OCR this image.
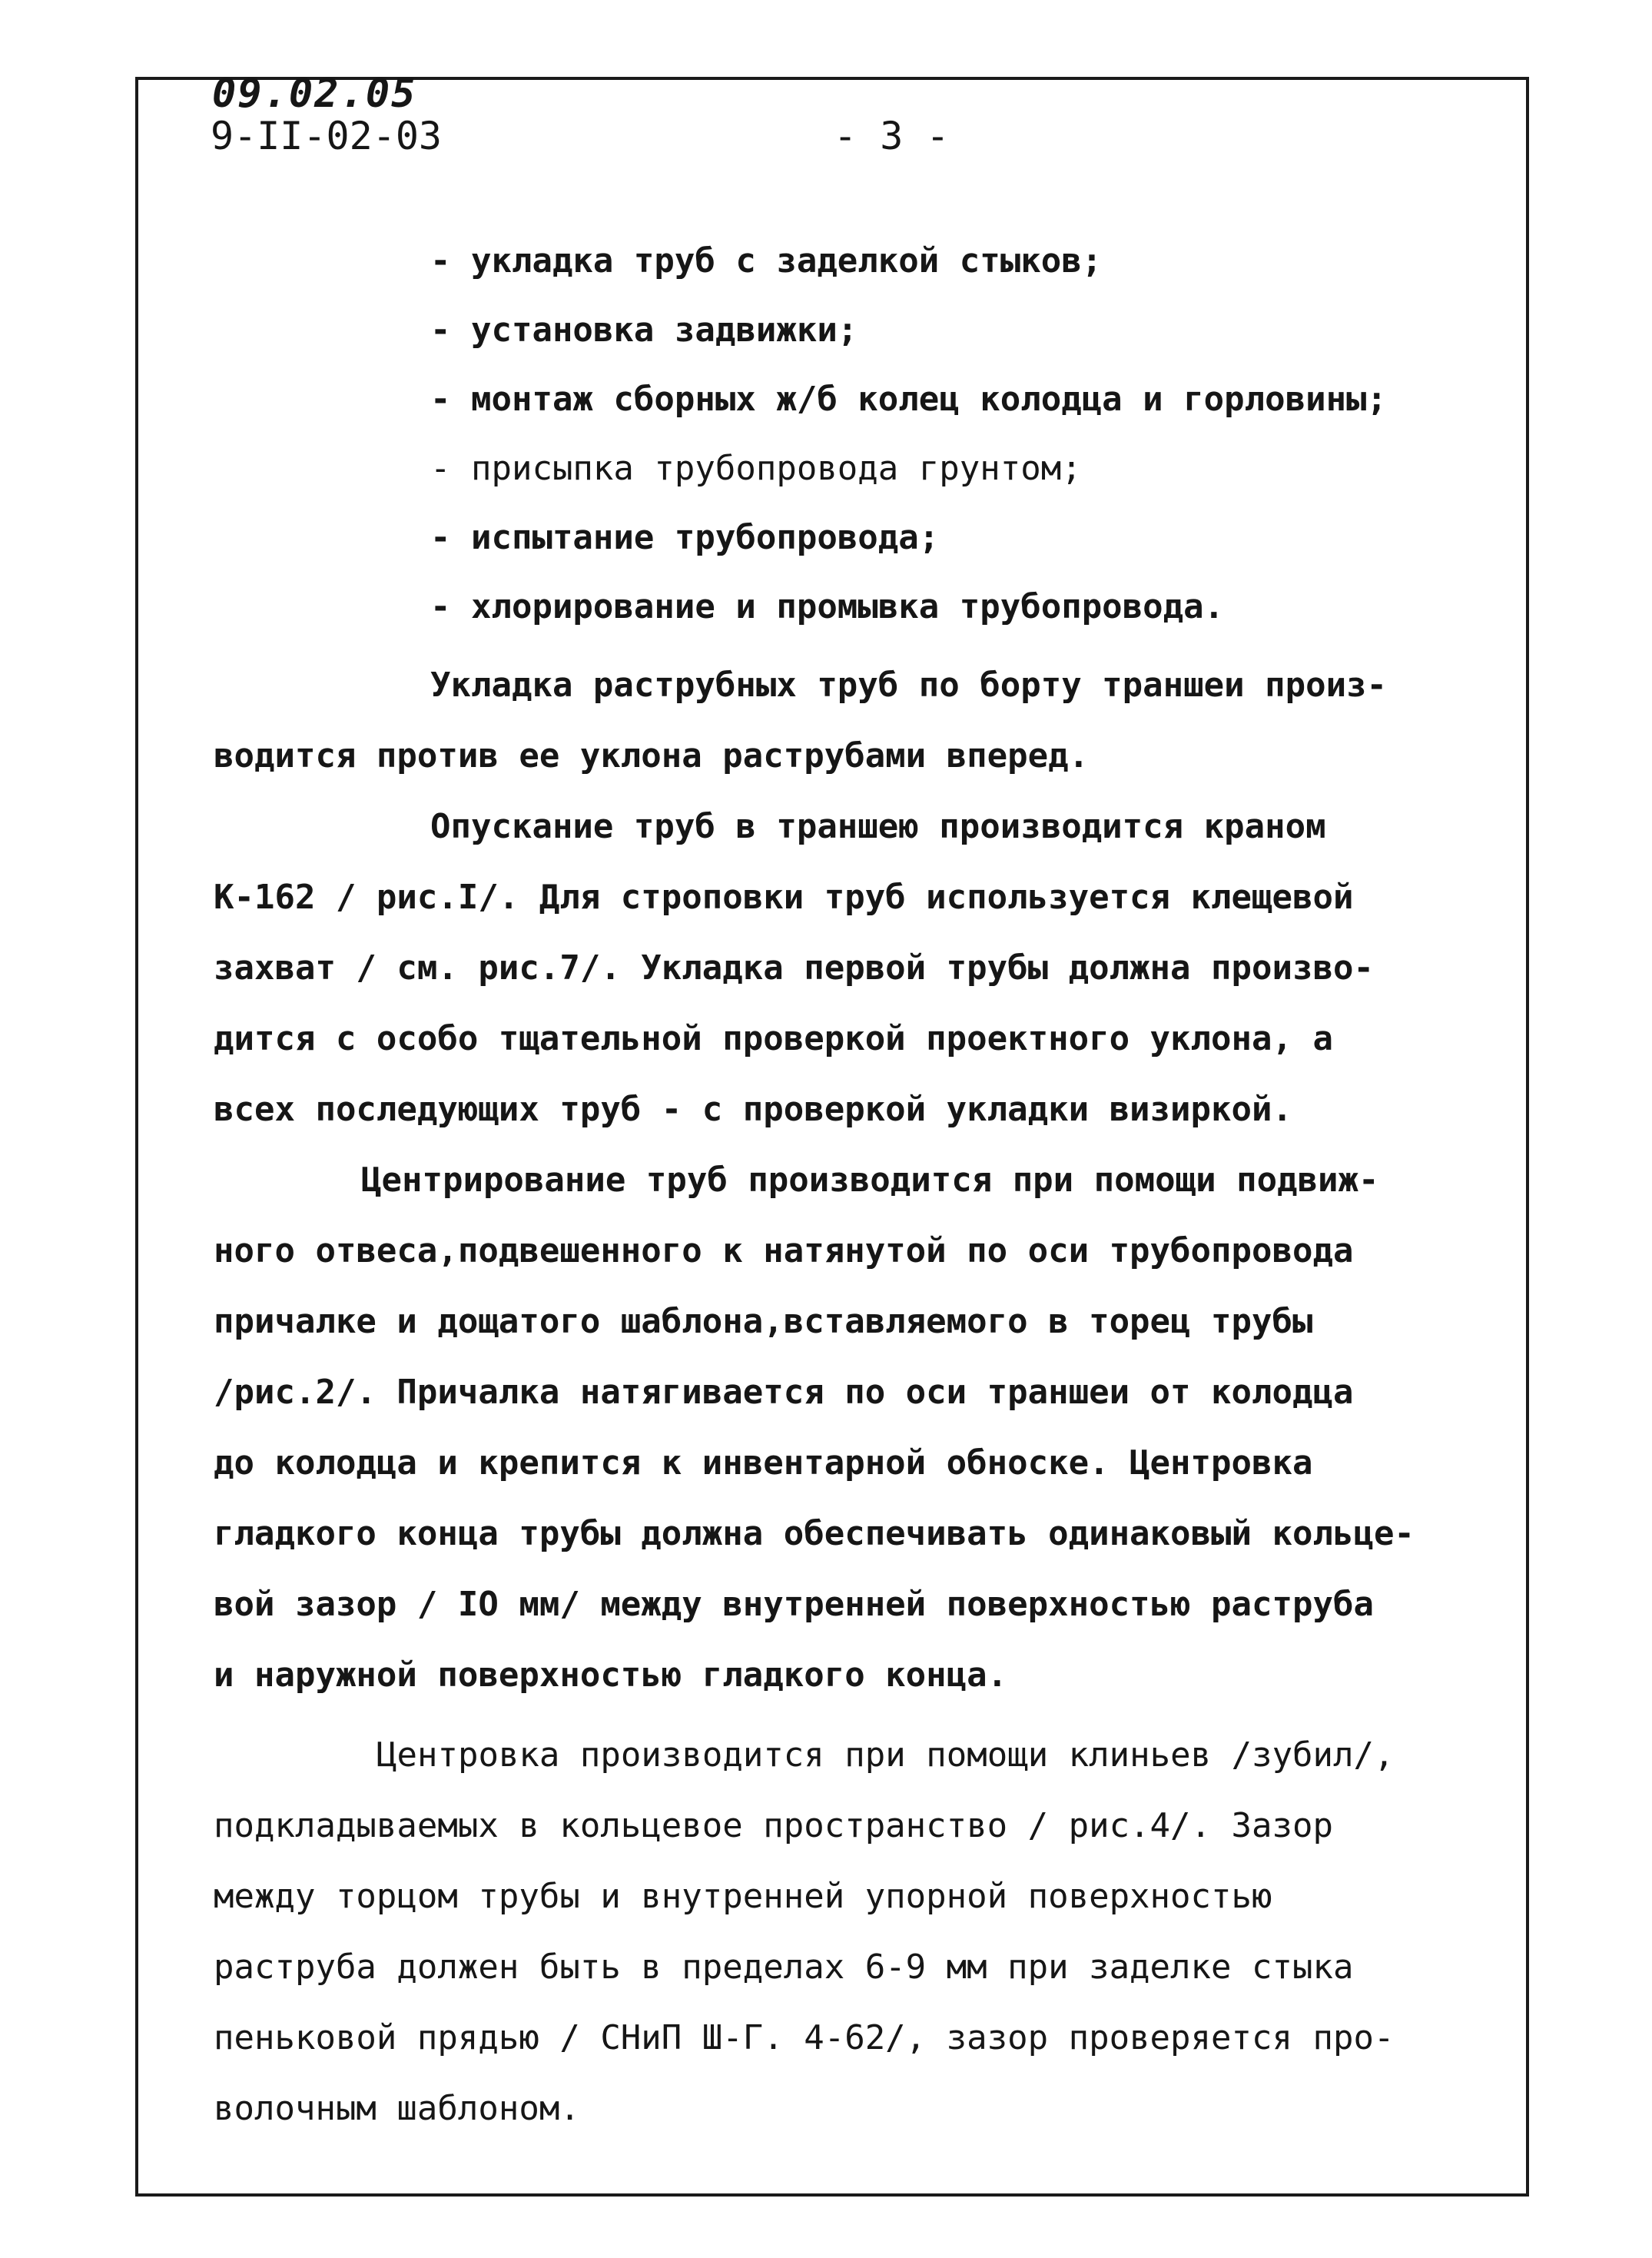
09.02.05
9-II-02-03	- 3 -
- укладка труб с заделкой стыков;
- установка задвижки;
- монтаж сборных ж/б колец колодца и горловины;
- присыпка трубопровода грунтом;
- испытание трубопровода;
- хлорирование и промывка трубопровода.
Укладка раструбных труб по борту траншеи произ-
водится против ее уклона раструбами вперед.
Опускание труб в траншею производится краном
К-162 / рис.I/. Для строповки труб используется клещевой
захват / см. рис.7/. Укладка первой трубы должна произво-
дится с особо тщательной проверкой проектного уклона, а
всех последующих труб - с проверкой укладки визиркой.
Центрирование труб производится при помощи подвиж-
ного отвеса,подвешенного к натянутой по оси трубопровода
причалке и дощатого шаблона,вставляемого в торец трубы
/рис.2/. Причалка натягивается по оси траншеи от колодца
до колодца и крепится к инвентарной обноске. Центровка
гладкого конца трубы должна обеспечивать одинаковый кольце-
вой зазор / IO мм/ между внутренней поверхностью раструба
и наружной поверхностью гладкого конца.
Центровка производится при помощи клиньев /зубил/,
подкладываемых в кольцевое пространство / рис.4/. Зазор
между торцом трубы и внутренней упорной поверхностью
раструба должен быть в пределах 6-9 мм при заделке стыка
пеньковой прядью / СНиП Ш-Г. 4-62/, зазор проверяется про-
волочным шаблоном.
